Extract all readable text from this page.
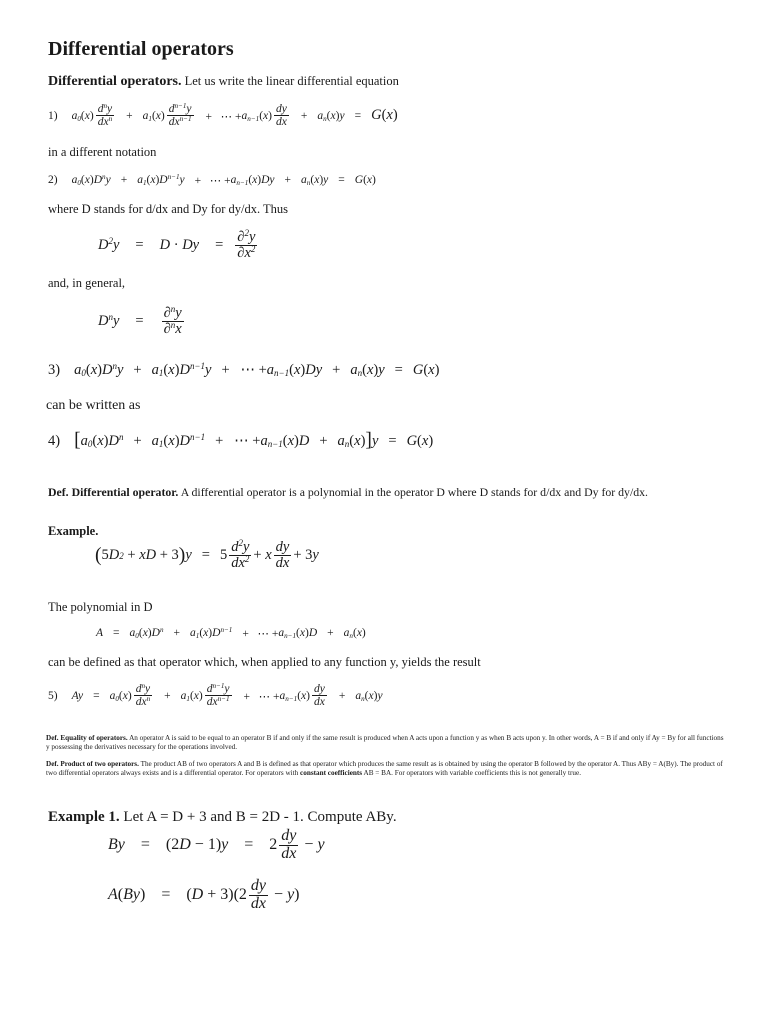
Differential operators
Differential operators. Let us write the linear differential equation
1) $a_0(x) \frac{d^ny}{dx^n} + a_1(x) \frac{d^{n-1}y}{dx^{n-1}}$ +   ⋯ + $a_{n-1}(x) \frac{dy}{dx} + a_n(x)y = G(x)$
in a different notation
2) $a_0(x)D^ny + a_1(x)D^{n-1}y$ +   ⋯ + $a_{n-1}(x)Dy + a_n(x)y = G(x)$
where D stands for d/dx and Dy for dy/dx. Thus
$D^2y = D \cdot Dy = \frac{\partial^2y}{\partial x^2}$
and, in general,
$D^ny = \frac{\partial^ny}{\partial^nx}$
3) $a_0(x)D^ny + a_1(x)D^{n-1}y$ +   ⋯ + $a_{n-1}(x)Dy + a_n(x)y = G(x)$
can be written as
4) [ $a_0(x)D^n + a_1(x)D^{n-1}$ +   ⋯ + $a_{n-1}(x)D + a_n(x)$ ] y = G(x)
Def. Differential operator. A differential operator is a polynomial in the operator D where D stands for d/dx and Dy for dy/dx.
Example.
( 5 D 2 + xD + 3 ) $y = 5 \frac{d^2y}{dx^2} + x \frac{dy}{dx} + 3$ y
The polynomial in D
$A = a_0(x)D^n + a_1(x)D^{n-1}$ +   ⋯ + $a_{n-1}(x)D + a_n(x)$
can be defined as that operator which, when applied to any function y, yields the result
5) $Ay = a_0(x) \frac{d^ny}{dx^n} + a_1(x) \frac{d^{n-1}y}{dx^{n-1}}$ +   ⋯ + $a_{n-1}(x) \frac{dy}{dx} + a_n(x)y$
Def. Equality of operators. An operator A is said to be equal to an operator B if and only if the same result is produced when A acts upon a function y as when B acts upon y. In other words, A = B if and only if Ay = By for all functions y possessing the derivatives necessary for the operations involved.
Def. Product of two operators. The product AB of two operators A and B is defined as that operator which produces the same result as is obtained by using the operator B followed by the operator A. Thus ABy = A(By). The product of two differential operators always exists and is a differential operator. For operators with constant coefficients AB = BA. For operators with variable coefficients this is not generally true.
Example 1. Let A = D + 3 and B = 2D - 1. Compute ABy.
By = (2 D − 1) $y = 2 \frac{dy}{dx} - y$
A(By) = ( $D + 3)(2 \frac{dy}{dx} - y$ )
